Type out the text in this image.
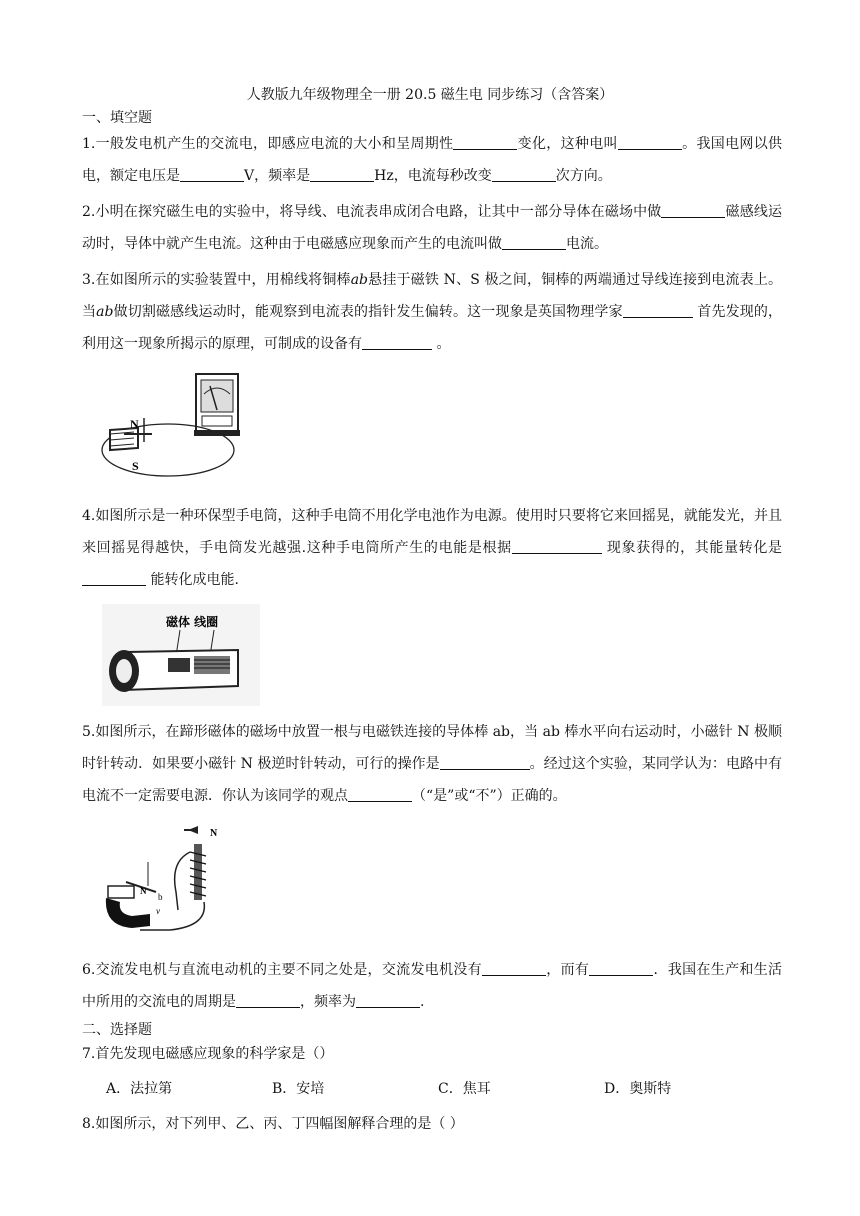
人教版九年级物理全一册 20.5 磁生电 同步练习（含答案）
一、填空题
1.一般发电机产生的交流电，即感应电流的大小和呈周期性	变化，这种电叫	。我国电网以供电，额定电压是	V，频率是	Hz，电流每秒改变	次方向。
2.小明在探究磁生电的实验中，将导线、电流表串成闭合电路，让其中一部分导体在磁场中做	磁感线运动时，导体中就产生电流。这种由于电磁感应现象而产生的电流叫做	电流。
3.在如图所示的实验装置中，用棉线将铜棒ab悬挂于磁铁 N、S 极之间，铜棒的两端通过导线连接到电流表上。当ab做切割磁感线运动时，能观察到电流表的指针发生偏转。这一现象是英国物理学家	首先发现的，利用这一现象所揭示的原理，可制成的设备有	。
N
S
4.如图所示是一种环保型手电筒，这种手电筒不用化学电池作为电源。使用时只要将它来回摇晃，就能发光，并且来回摇晃得越快，手电筒发光越强.这种手电筒所产生的电能是根据	现象获得的，其能量转化是 能转化成电能.
磁体 线圈
5.如图所示，在蹄形磁体的磁场中放置一根与电磁铁连接的导体棒 ab，当 ab 棒水平向右运动时，小磁针 N 极顺时针转动．如果要小磁针 N 极逆时针转动，可行的操作是	。经过这个实验，某同学认为：电路中有电流不一定需要电源．你认为该同学的观点	（“是”或“不”）正确的。
N
N
b
v
6.交流发电机与直流电动机的主要不同之处是，交流发电机没有	，而有	．我国在生产和生活中所用的交流电的周期是	，频率为	.
二、选择题
7.首先发现电磁感应现象的科学家是（）
A．法拉第	B．安培	C．焦耳	D．奥斯特
8.如图所示，对下列甲、乙、丙、丁四幅图解释合理的是（ ）
